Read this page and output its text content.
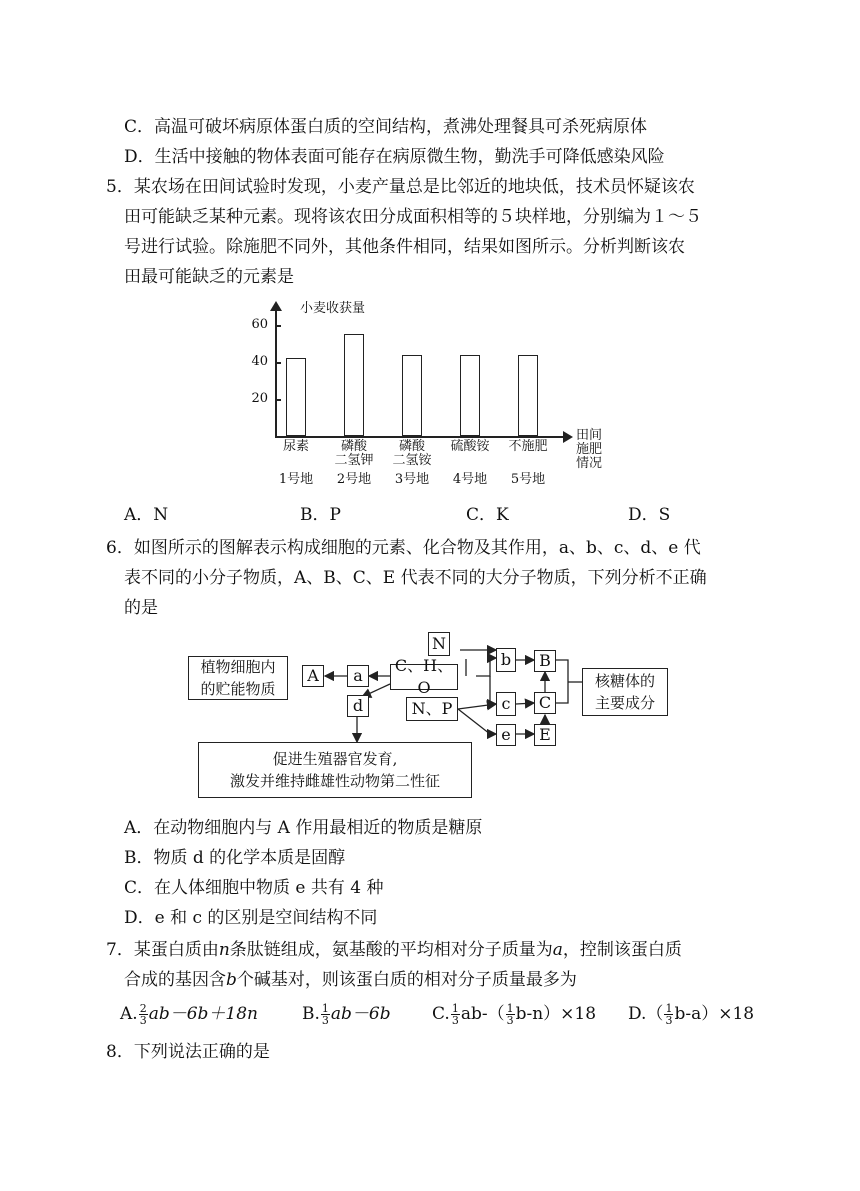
C．高温可破坏病原体蛋白质的空间结构，煮沸处理餐具可杀死病原体
D．生活中接触的物体表面可能存在病原微生物，勤洗手可降低感染风险
5．某农场在田间试验时发现，小麦产量总是比邻近的地块低，技术员怀疑该农
田可能缺乏某种元素。现将该农田分成面积相等的５块样地，分别编为１～５
号进行试验。除施肥不同外，其他条件相同，结果如图所示。分析判断该农
田最可能缺乏的元素是
小麦收获量
20
40
60
尿素
1号地
磷酸
二氢钾
2号地
磷酸
二氢铵
3号地
硫酸铵
4号地
不施肥
5号地
田间
施肥
情况
A．N	B．P	C．K	D．S
6．如图所示的图解表示构成细胞的元素、化合物及其作用，a、b、c、d、e 代
表不同的小分子物质，A、B、C、E 代表不同的大分子物质，下列分析不正确
的是
植物细胞内
的贮能物质
A	a
C、H、O
N
N、P
b
c
e
d
B
C
E
核糖体的
主要成分
促进生殖器官发育,
激发并维持雌雄性动物第二性征
A．在动物细胞内与 A 作用最相近的物质是糖原
B．物质 d 的化学本质是固醇
C．在人体细胞中物质 e 共有 4 种
D．e 和 c 的区别是空间结构不同
7．某蛋白质由n条肽链组成，氨基酸的平均相对分子质量为a，控制该蛋白质
合成的基因含b个碱基对，则该蛋白质的相对分子质量最多为
A. $\frac{2}{3} ab-6b+18n$	B. $\frac{1}{3} ab-6b$ C. $\frac{1}{3} ab-( \frac{1}{3} b-n)\times 18$ $D.( \frac{1}{3} b-a)\times 18$
8．下列说法正确的是
